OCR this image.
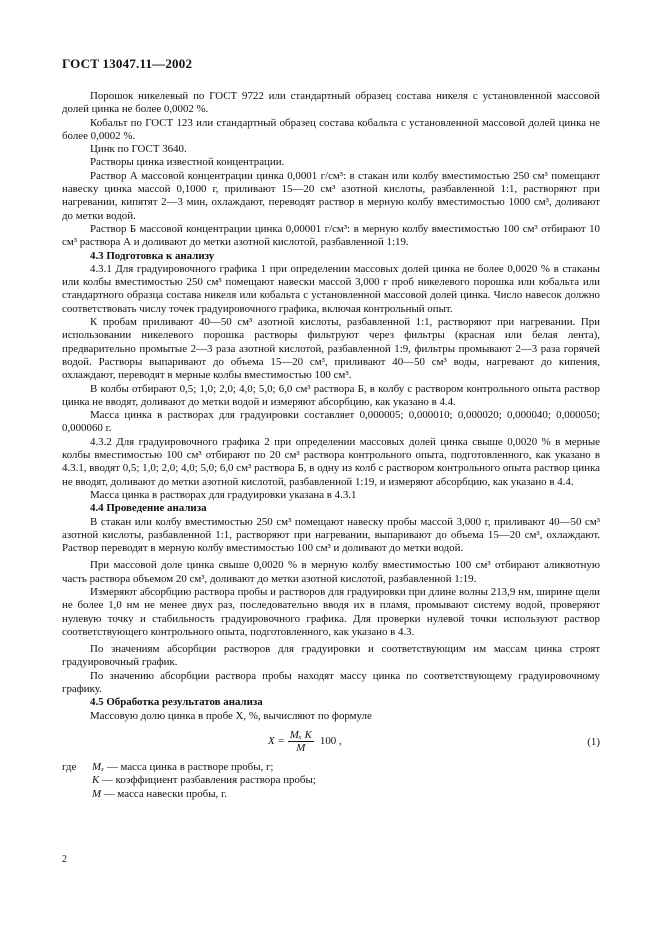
ГОСТ 13047.11—2002

Порошок никелевый по ГОСТ 9722 или стандартный образец состава никеля с установленной массовой долей цинка не более 0,0002 %.

Кобальт по ГОСТ 123 или стандартный образец состава кобальта с установленной массовой долей цинка не более 0,0002 %.

Цинк по ГОСТ 3640.

Растворы цинка известной концентрации.

Раствор А массовой концентрации цинка 0,0001 г/см³: в стакан или колбу вместимостью 250 см³ помещают навеску цинка массой 0,1000 г, приливают 15—20 см³ азотной кислоты, разбавленной 1:1, растворяют при нагревании, кипятят 2—3 мин, охлаждают, переводят раствор в мерную колбу вместимостью 1000 см³, доливают до метки водой.

Раствор Б массовой концентрации цинка 0,00001 г/см³: в мерную колбу вместимостью 100 см³ отбирают 10 см³ раствора А и доливают до метки азотной кислотой, разбавленной 1:19.

4.3 Подготовка к анализу

4.3.1 Для градуировочного графика 1 при определении массовых долей цинка не более 0,0020 % в стаканы или колбы вместимостью 250 см³ помещают навески массой 3,000 г проб никелевого порошка или кобальта или стандартного образца состава никеля или кобальта с установленной массовой долей цинка. Число навесок должно соответствовать числу точек градуировочного графика, включая контрольный опыт.

К пробам приливают 40—50 см³ азотной кислоты, разбавленной 1:1, растворяют при нагревании. При использовании никелевого порошка растворы фильтруют через фильтры (красная или белая лента), предварительно промытые 2—3 раза азотной кислотой, разбавленной 1:9, фильтры промывают 2—3 раза горячей водой. Растворы выпаривают до объема 15—20 см³, приливают 40—50 см³ воды, нагревают до кипения, охлаждают, переводят в мерные колбы вместимостью 100 см³.

В колбы отбирают 0,5; 1,0; 2,0; 4,0; 5,0; 6,0 см³ раствора Б, в колбу с раствором контрольного опыта раствор цинка не вводят, доливают до метки водой и измеряют абсорбцию, как указано в 4.4.

Масса цинка в растворах для градуировки составляет 0,000005; 0,000010; 0,000020; 0,000040; 0,000050; 0,000060 г.

4.3.2 Для градуировочного графика 2 при определении массовых долей цинка свыше 0,0020 % в мерные колбы вместимостью 100 см³ отбирают по 20 см³ раствора контрольного опыта, подготовленного, как указано в 4.3.1, вводят 0,5; 1,0; 2,0; 4,0; 5,0; 6,0 см³ раствора Б, в одну из колб с раствором контрольного опыта раствор цинка не вводят, доливают до метки азотной кислотой, разбавленной 1:19, и измеряют абсорбцию, как указано в 4.4.

Масса цинка в растворах для градуировки указана в 4.3.1

4.4 Проведение анализа

В стакан или колбу вместимостью 250 см³ помещают навеску пробы массой 3,000 г, приливают 40—50 см³ азотной кислоты, разбавленной 1:1, растворяют при нагревании, выпаривают до объема 15—20 см³, охлаждают. Раствор переводят в мерную колбу вместимостью 100 см³ и доливают до метки водой.

При массовой доле цинка свыше 0,0020 % в мерную колбу вместимостью 100 см³ отбирают аликвотную часть раствора объемом 20 см³, доливают до метки азотной кислотой, разбавленной 1:19.

Измеряют абсорбцию раствора пробы и растворов для градуировки при длине волны 213,9 нм, ширине щели не более 1,0 нм не менее двух раз, последовательно вводя их в пламя, промывают систему водой, проверяют нулевую точку и стабильность градуировочного графика. Для проверки нулевой точки используют раствор соответствующего контрольного опыта, подготовленного, как указано в 4.3.

По значениям абсорбции растворов для градуировки и соответствующим им массам цинка строят градуировочный график.

По значению абсорбции раствора пробы находят массу цинка по соответствующему градуировочному графику.

4.5 Обработка результатов анализа

Массовую долю цинка в пробе X, %, вычисляют по формуле

$X = \frac{\text{Mₓ K}}{M} 100$ ,	(1)
где	Mₓ
— масса цинка в растворе пробы, г;
K
— коэффициент разбавления раствора пробы;
M
— масса навески пробы, г.
2
